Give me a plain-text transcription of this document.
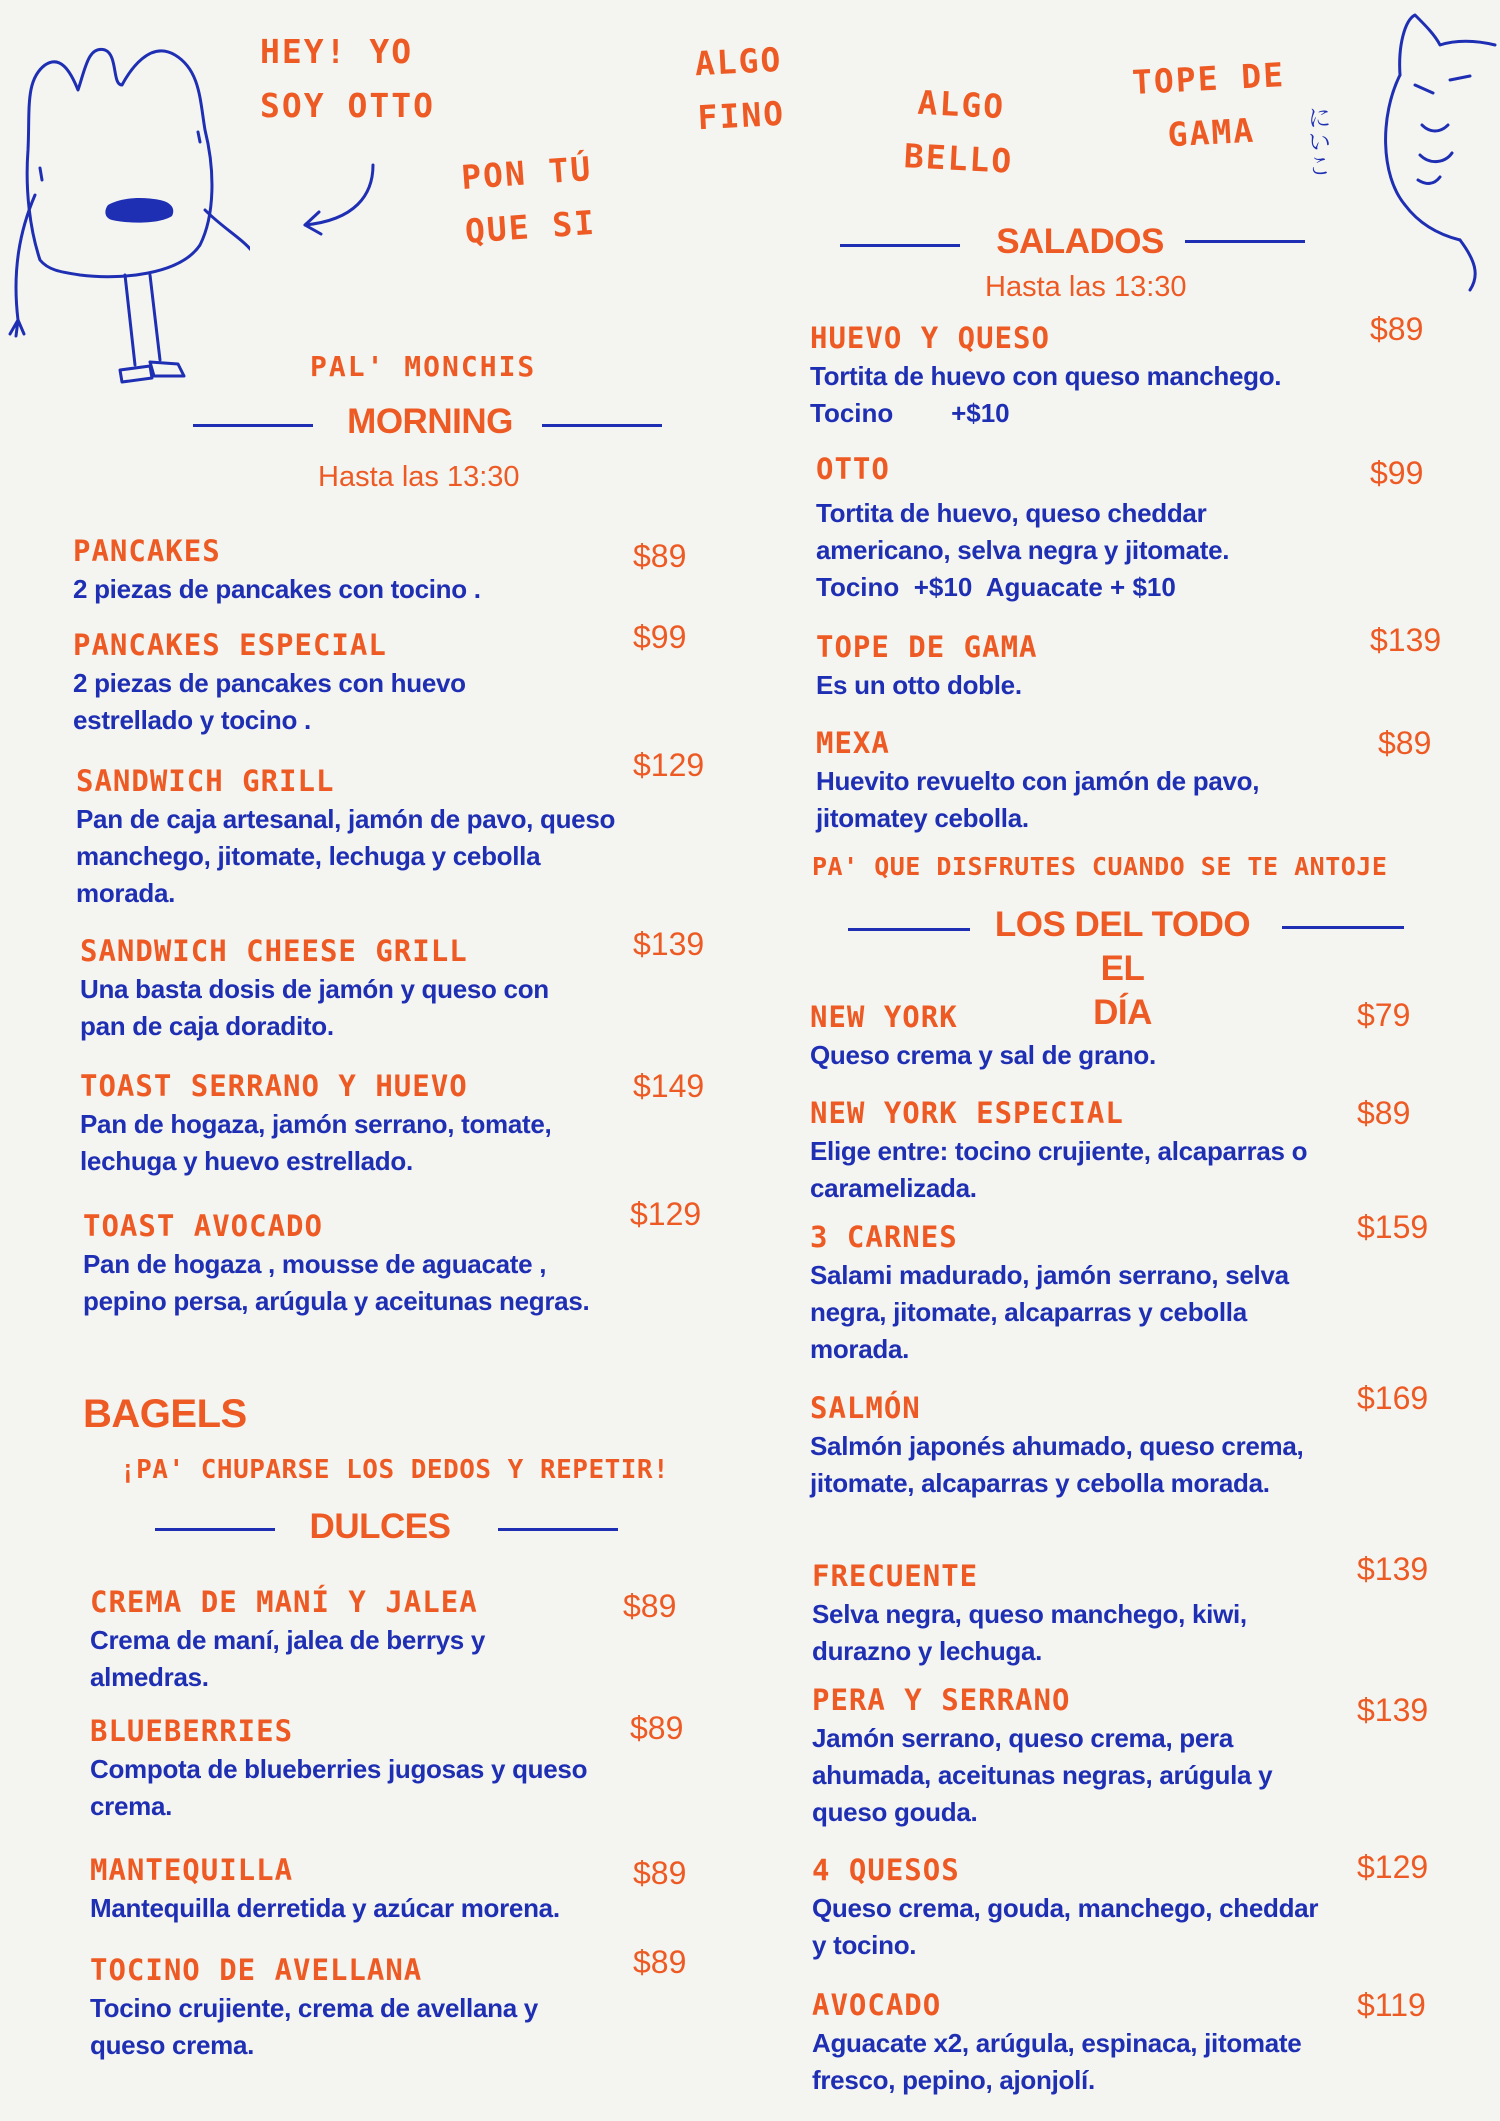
にいこ
HEY! YO SOY OTTO
PON TÚ QUE SI
ALGO FINO	ALGO BELLO
TOPE DE GAMA
PAL' MONCHIS
MORNING
Hasta las 13:30
PANCAKES
2 piezas de pancakes con tocino .
$89
PANCAKES ESPECIAL
2 piezas de pancakes con huevo estrellado y tocino .
$99
SANDWICH GRILL
Pan de caja artesanal, jamón de pavo, queso manchego, jitomate, lechuga y cebolla morada.
$129
SANDWICH CHEESE GRILL
Una basta dosis de jamón y queso con pan de caja doradito.
$139
TOAST SERRANO Y HUEVO
Pan de hogaza, jamón serrano, tomate, lechuga y huevo estrellado.
$149
TOAST AVOCADO
Pan de hogaza , mousse de aguacate , pepino persa, arúgula y aceitunas negras.
$129
BAGELS
¡PA' CHUPARSE LOS DEDOS Y REPETIR!
DULCES
CREMA DE MANÍ Y JALEA
Crema de maní, jalea de berrys y almedras.
$89
BLUEBERRIES
Compota de blueberries jugosas y queso crema.
$89
MANTEQUILLA
Mantequilla derretida y azúcar morena.
$89
TOCINO DE AVELLANA
Tocino crujiente, crema de avellana y queso crema.
$89
SALADOS
Hasta las 13:30
HUEVO Y QUESO
Tortita de huevo con queso manchego.
Tocino        +$10
$89
OTTO
Tortita de huevo, queso cheddar americano, selva negra y jitomate.
Tocino  +$10  Aguacate + $10
$99
TOPE DE GAMA
Es un otto doble.
$139
MEXA
Huevito revuelto con jamón de pavo, jitomatey cebolla.
$89
PA' QUE DISFRUTES CUANDO SE TE ANTOJE
LOS DEL TODO EL
DÍA
NEW YORK
Queso crema y sal de grano.
$79
NEW YORK ESPECIAL
Elige entre: tocino crujiente, alcaparras o caramelizada.
$89
3 CARNES
Salami madurado, jamón serrano, selva negra, jitomate, alcaparras y cebolla morada.
$159
SALMÓN
Salmón japonés ahumado, queso crema, jitomate, alcaparras y cebolla morada.
$169
FRECUENTE
Selva negra, queso manchego, kiwi, durazno y lechuga.
$139
PERA Y SERRANO
Jamón serrano, queso crema, pera ahumada, aceitunas negras, arúgula y queso gouda.
$139
4 QUESOS
Queso crema, gouda, manchego, cheddar y tocino.
$129
AVOCADO
Aguacate x2, arúgula, espinaca, jitomate fresco, pepino, ajonjolí.
$119
